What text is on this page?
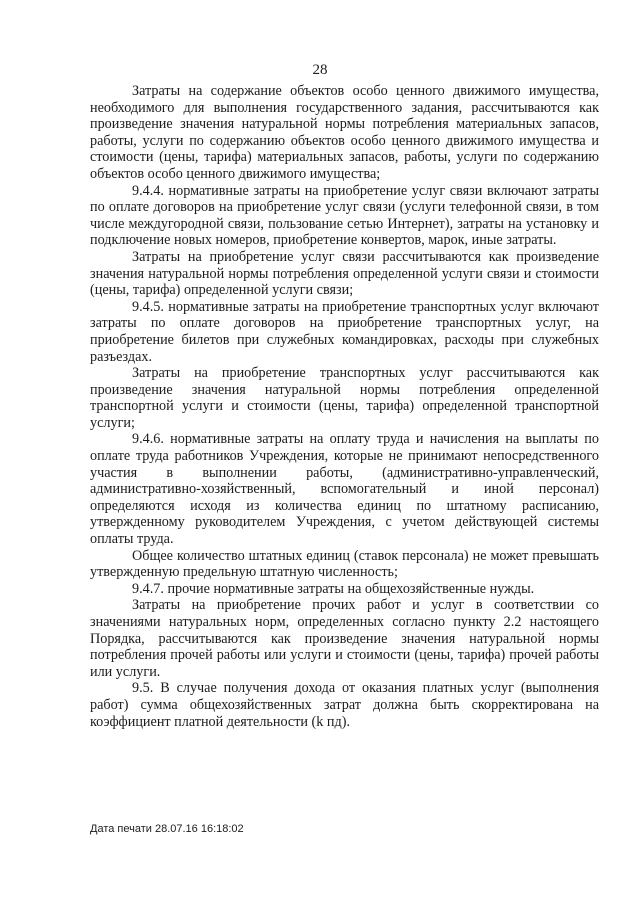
28

Затраты на содержание объектов особо ценного движимого имущества, необходимого для выполнения государственного задания, рассчитываются как произведение значения натуральной нормы потребления материальных запасов, работы, услуги по содержанию объектов особо ценного движимого имущества и стоимости (цены, тарифа) материальных запасов, работы, услуги по содержанию объектов особо ценного движимого имущества;

9.4.4. нормативные затраты на приобретение услуг связи включают затраты по оплате договоров на приобретение услуг связи (услуги телефонной связи, в том числе междугородной связи, пользование сетью Интернет), затраты на установку и подключение новых номеров, приобретение конвертов, марок, иные затраты.

Затраты на приобретение услуг связи рассчитываются как произведение значения натуральной нормы потребления определенной услуги связи и стоимости (цены, тарифа) определенной услуги связи;

9.4.5. нормативные затраты на приобретение транспортных услуг включают затраты по оплате договоров на приобретение транспортных услуг, на приобретение билетов при служебных командировках, расходы при служебных разъездах.

Затраты на приобретение транспортных услуг рассчитываются как произведение значения натуральной нормы потребления определенной транспортной услуги и стоимости (цены, тарифа) определенной транспортной услуги;

9.4.6. нормативные затраты на оплату труда и начисления на выплаты по оплате труда работников Учреждения, которые не принимают непосредственного участия в выполнении работы, (административно-управленческий, административно-хозяйственный, вспомогательный и иной персонал) определяются исходя из количества единиц по штатному расписанию, утвержденному руководителем Учреждения, с учетом действующей системы оплаты труда.

Общее количество штатных единиц (ставок персонала) не может превышать утвержденную предельную штатную численность;

9.4.7. прочие нормативные затраты на общехозяйственные нужды.

Затраты на приобретение прочих работ и услуг в соответствии со значениями натуральных норм, определенных согласно пункту 2.2 настоящего Порядка, рассчитываются как произведение значения натуральной нормы потребления прочей работы или услуги и стоимости (цены, тарифа) прочей работы или услуги.

9.5. В случае получения дохода от оказания платных услуг (выполнения работ) сумма общехозяйственных затрат должна быть скорректирована на коэффициент платной деятельности (k пд).

Дата печати 28.07.16 16:18:02
